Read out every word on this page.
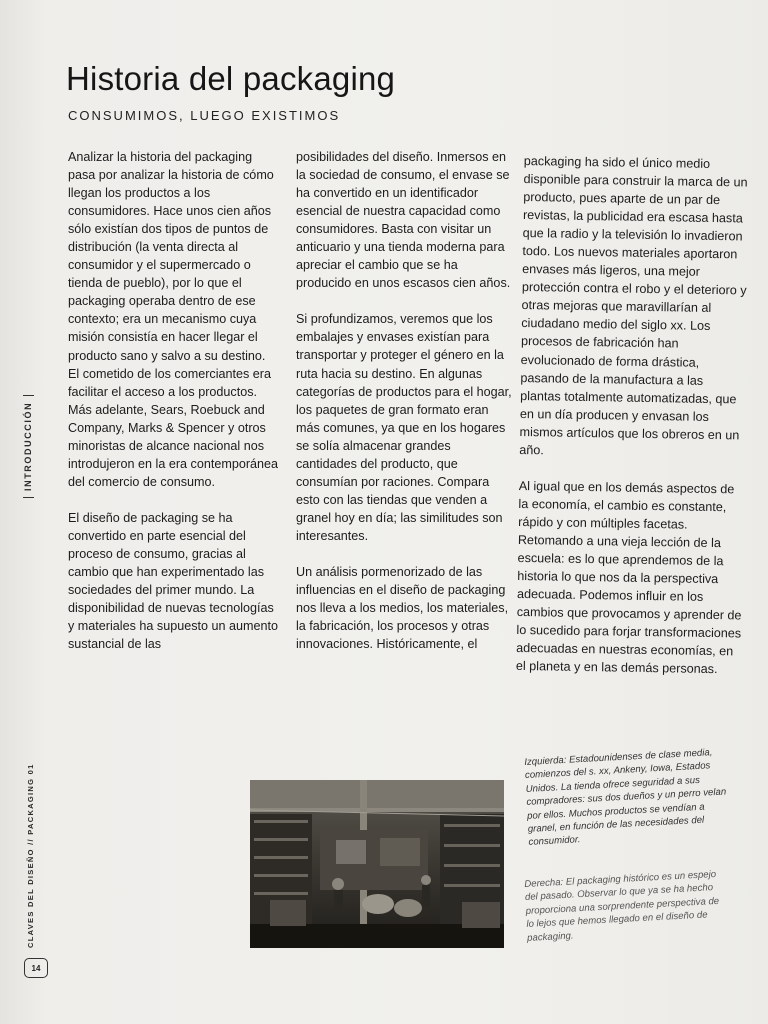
Historia del packaging
CONSUMIMOS, LUEGO EXISTIMOS
INTRODUCCIÓN

Analizar la historia del packaging pasa por analizar la historia de cómo llegan los productos a los consumidores. Hace unos cien años sólo existían dos tipos de puntos de distribución (la venta directa al consumidor y el supermercado o tienda de pueblo), por lo que el packaging operaba dentro de ese contexto; era un mecanismo cuya misión consistía en hacer llegar el producto sano y salvo a su destino. El cometido de los comerciantes era facilitar el acceso a los productos. Más adelante, Sears, Roebuck and Company, Marks & Spencer y otros minoristas de alcance nacional nos introdujeron en la era contemporánea del comercio de consumo.

El diseño de packaging se ha convertido en parte esencial del proceso de consumo, gracias al cambio que han experimentado las sociedades del primer mundo. La disponibilidad de nuevas tecnologías y materiales ha supuesto un aumento sustancial de las

posibilidades del diseño. Inmersos en la sociedad de consumo, el envase se ha convertido en un identificador esencial de nuestra capacidad como consumidores. Basta con visitar un anticuario y una tienda moderna para apreciar el cambio que se ha producido en unos escasos cien años.

Si profundizamos, veremos que los embalajes y envases existían para transportar y proteger el género en la ruta hacia su destino. En algunas categorías de productos para el hogar, los paquetes de gran formato eran más comunes, ya que en los hogares se solía almacenar grandes cantidades del producto, que consumían por raciones. Compara esto con las tiendas que venden a granel hoy en día; las similitudes son interesantes.

Un análisis pormenorizado de las influencias en el diseño de packaging nos lleva a los medios, los materiales, la fabricación, los procesos y otras innovaciones. Históricamente, el

packaging ha sido el único medio disponible para construir la marca de un producto, pues aparte de un par de revistas, la publicidad era escasa hasta que la radio y la televisión lo invadieron todo. Los nuevos materiales aportaron envases más ligeros, una mejor protección contra el robo y el deterioro y otras mejoras que maravillarían al ciudadano medio del siglo xx. Los procesos de fabricación han evolucionado de forma drástica, pasando de la manufactura a las plantas totalmente automatizadas, que en un día producen y envasan los mismos artículos que los obreros en un año.

Al igual que en los demás aspectos de la economía, el cambio es constante, rápido y con múltiples facetas. Retomando a una vieja lección de la escuela: es lo que aprendemos de la historia lo que nos da la perspectiva adecuada. Podemos influir en los cambios que provocamos y aprender de lo sucedido para forjar transformaciones adecuadas en nuestras economías, en el planeta y en las demás personas.

Izquierda: Estadounidenses de clase media, comienzos del s. xx, Ankeny, Iowa, Estados Unidos. La tienda ofrece seguridad a sus compradores: sus dos dueños y un perro velan por ellos. Muchos productos se vendían a granel, en función de las necesidades del consumidor.
Derecha: El packaging histórico es un espejo del pasado. Observar lo que ya se ha hecho proporciona una sorprendente perspectiva de lo lejos que hemos llegado en el diseño de packaging.
CLAVES DEL DISEÑO // PACKAGING 01
14
